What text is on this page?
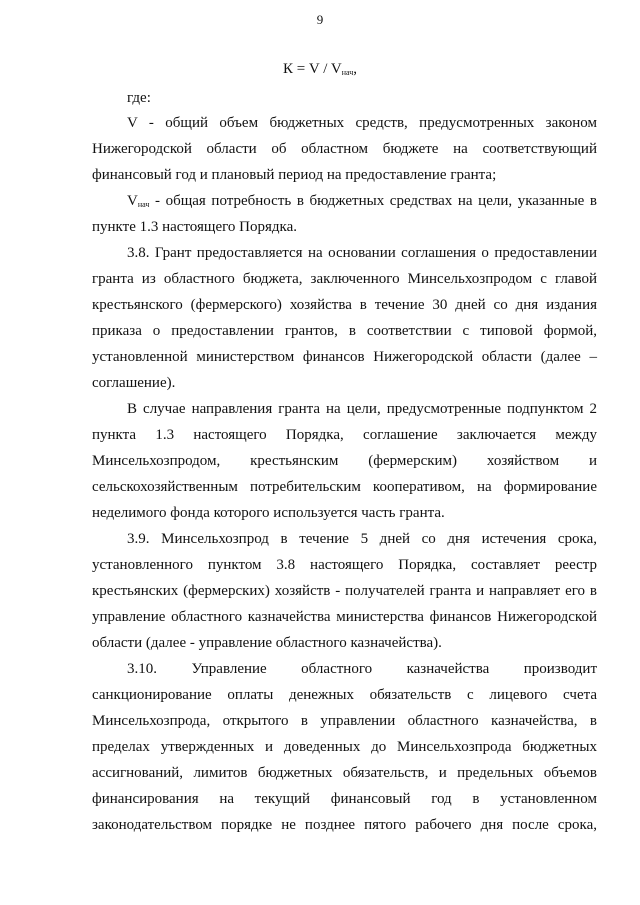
9
$К = V / V_{нач}$,
где:

V - общий объем бюджетных средств, предусмотренных законом Нижегородской области об областном бюджете на соответствующий финансовый год и плановый период на предоставление гранта;

$V_{нач}$ - общая потребность в бюджетных средствах на цели, указанные в пункте 1.3 настоящего Порядка.

3.8. Грант предоставляется на основании соглашения о предоставлении гранта из областного бюджета, заключенного Минсельхозпродом с главой крестьянского (фермерского) хозяйства в течение 30 дней со дня издания приказа о предоставлении грантов, в соответствии с типовой формой, установленной министерством финансов Нижегородской области (далее – соглашение).

В случае направления гранта на цели, предусмотренные подпунктом 2 пункта 1.3 настоящего Порядка, соглашение заключается между Минсельхозпродом, крестьянским (фермерским) хозяйством и сельскохозяйственным потребительским кооперативом, на формирование неделимого фонда которого используется часть гранта.

3.9. Минсельхозпрод в течение 5 дней со дня истечения срока, установленного пунктом 3.8 настоящего Порядка, составляет реестр крестьянских (фермерских) хозяйств - получателей гранта и направляет его в управление областного казначейства министерства финансов Нижегородской области (далее - управление областного казначейства).

3.10. Управление областного казначейства производит санкционирование оплаты денежных обязательств с лицевого счета Минсельхозпрода, открытого в управлении областного казначейства, в пределах утвержденных и доведенных до Минсельхозпрода бюджетных ассигнований, лимитов бюджетных обязательств, и предельных объемов финансирования на текущий финансовый год в установленном законодательством порядке не позднее пятого рабочего дня после срока,
